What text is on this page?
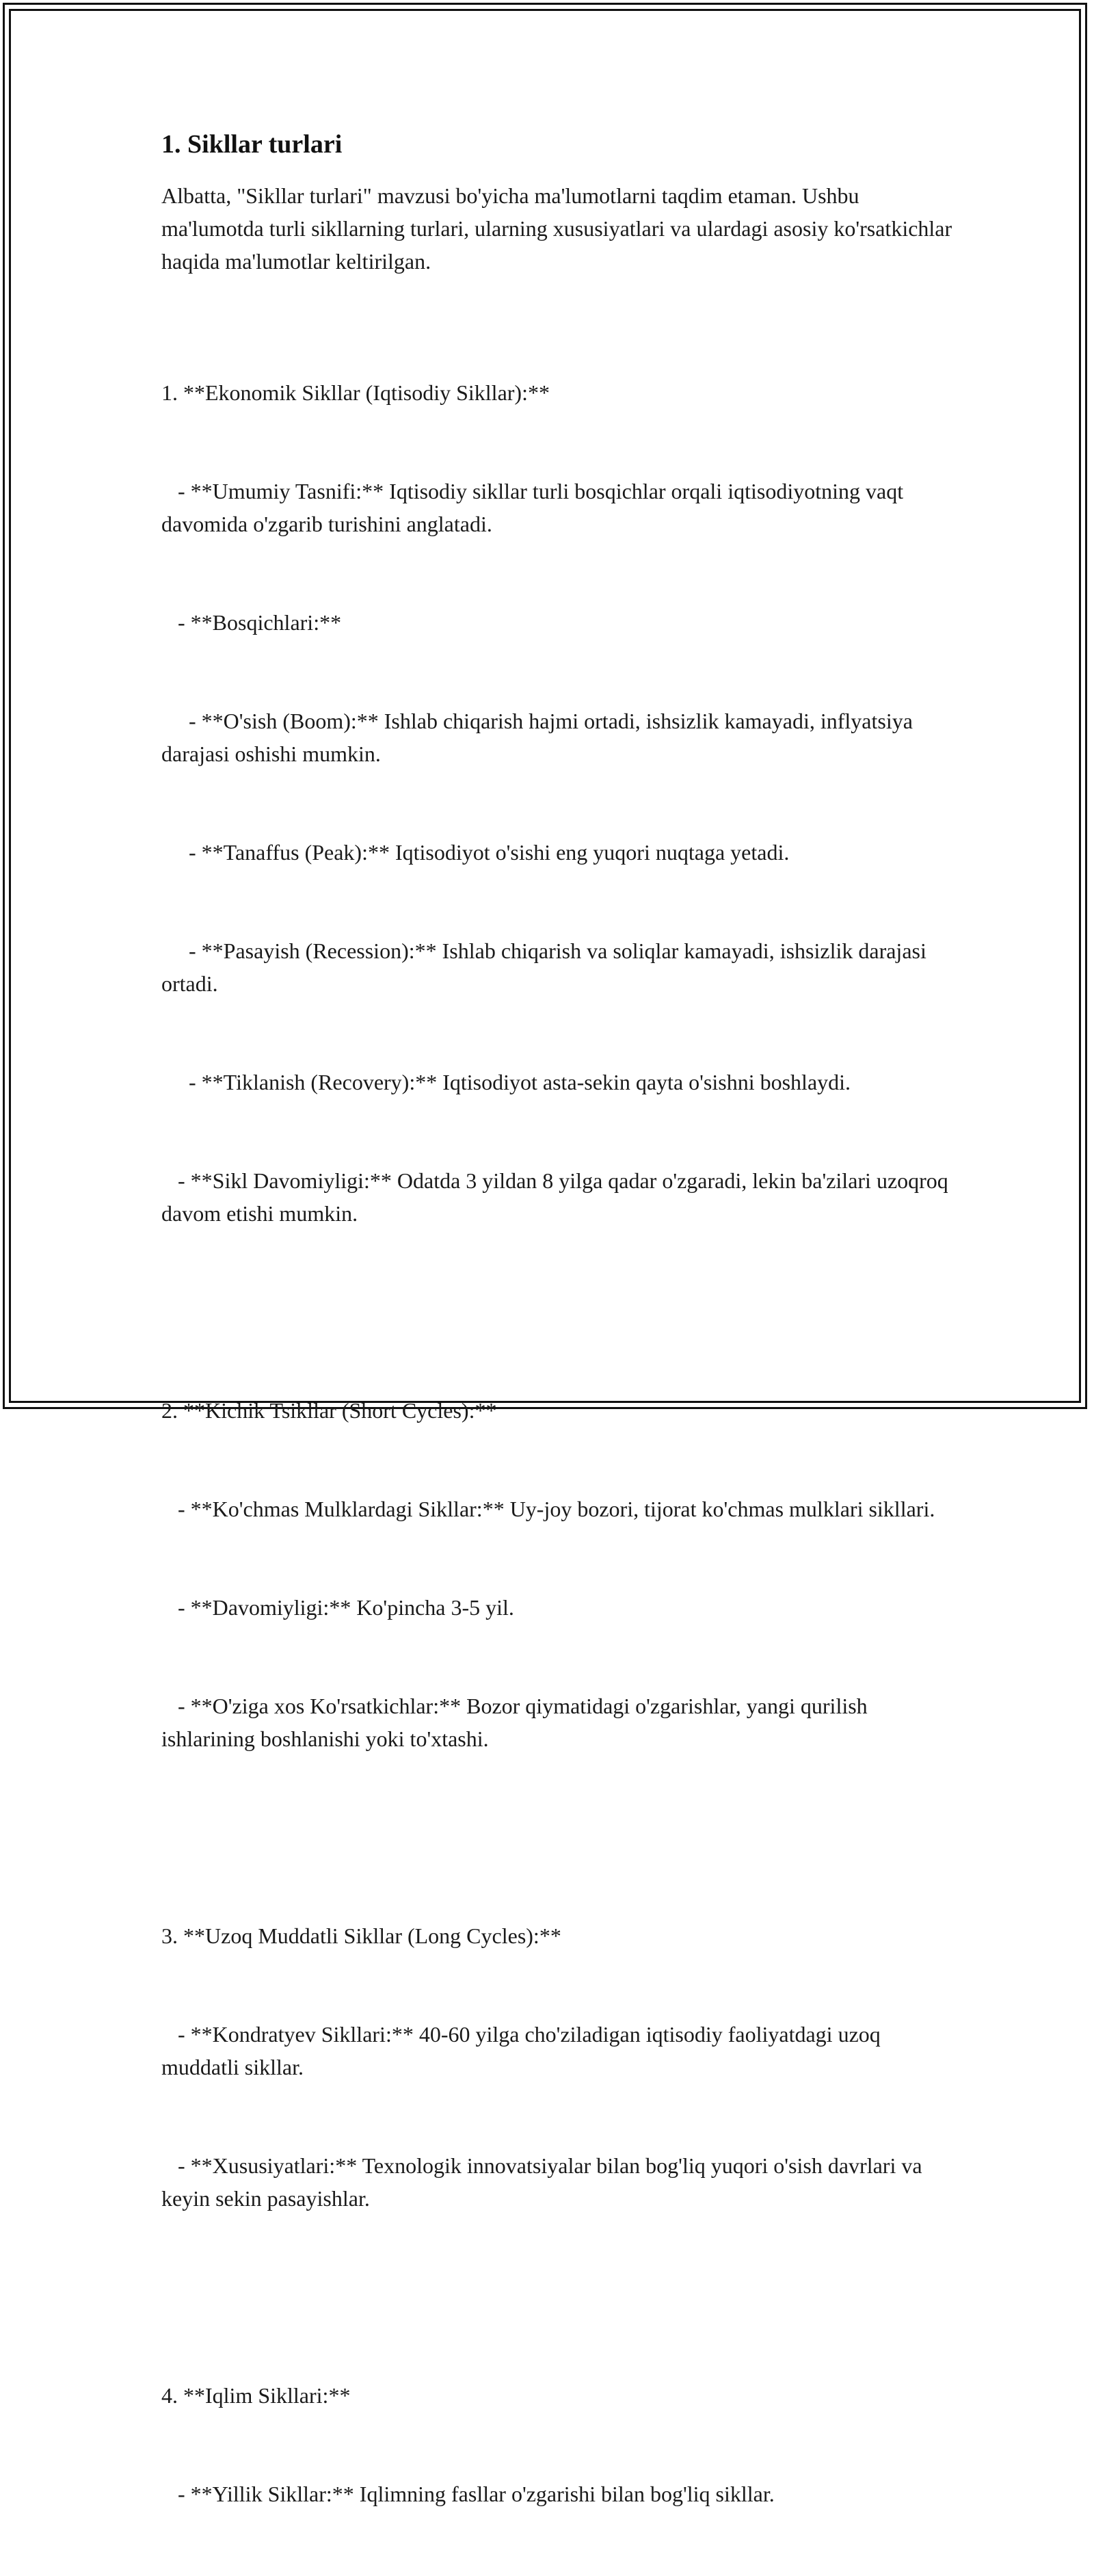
1. Sikllar turlari

Albatta, "Sikllar turlari" mavzusi bo'yicha ma'lumotlarni taqdim etaman. Ushbu ma'lumotda turli sikllarning turlari, ularning xususiyatlari va ulardagi asosiy ko'rsatkichlar haqida ma'lumotlar keltirilgan.

1. **Ekonomik Sikllar (Iqtisodiy Sikllar):**

- **Umumiy Tasnifi:** Iqtisodiy sikllar turli bosqichlar orqali iqtisodiyotning vaqt davomida o'zgarib turishini anglatadi.

- **Bosqichlari:**

- **O'sish (Boom):** Ishlab chiqarish hajmi ortadi, ishsizlik kamayadi, inflyatsiya darajasi oshishi mumkin.

- **Tanaffus (Peak):** Iqtisodiyot o'sishi eng yuqori nuqtaga yetadi.

- **Pasayish (Recession):** Ishlab chiqarish va soliqlar kamayadi, ishsizlik darajasi ortadi.

- **Tiklanish (Recovery):** Iqtisodiyot asta-sekin qayta o'sishni boshlaydi.

- **Sikl Davomiyligi:** Odatda 3 yildan 8 yilga qadar o'zgaradi, lekin ba'zilari uzoqroq davom etishi mumkin.

2. **Kichik Tsikllar (Short Cycles):**

- **Ko'chmas Mulklardagi Sikllar:** Uy-joy bozori, tijorat ko'chmas mulklari sikllari.

- **Davomiyligi:** Ko'pincha 3-5 yil.

- **O'ziga xos Ko'rsatkichlar:** Bozor qiymatidagi o'zgarishlar, yangi qurilish ishlarining boshlanishi yoki to'xtashi.

3. **Uzoq Muddatli Sikllar (Long Cycles):**

- **Kondratyev Sikllari:** 40-60 yilga cho'ziladigan iqtisodiy faoliyatdagi uzoq muddatli sikllar.

- **Xususiyatlari:** Texnologik innovatsiyalar bilan bog'liq yuqori o'sish davrlari va keyin sekin pasayishlar.

4. **Iqlim Sikllari:**

- **Yillik Sikllar:** Iqlimning fasllar o'zgarishi bilan bog'liq sikllar.
